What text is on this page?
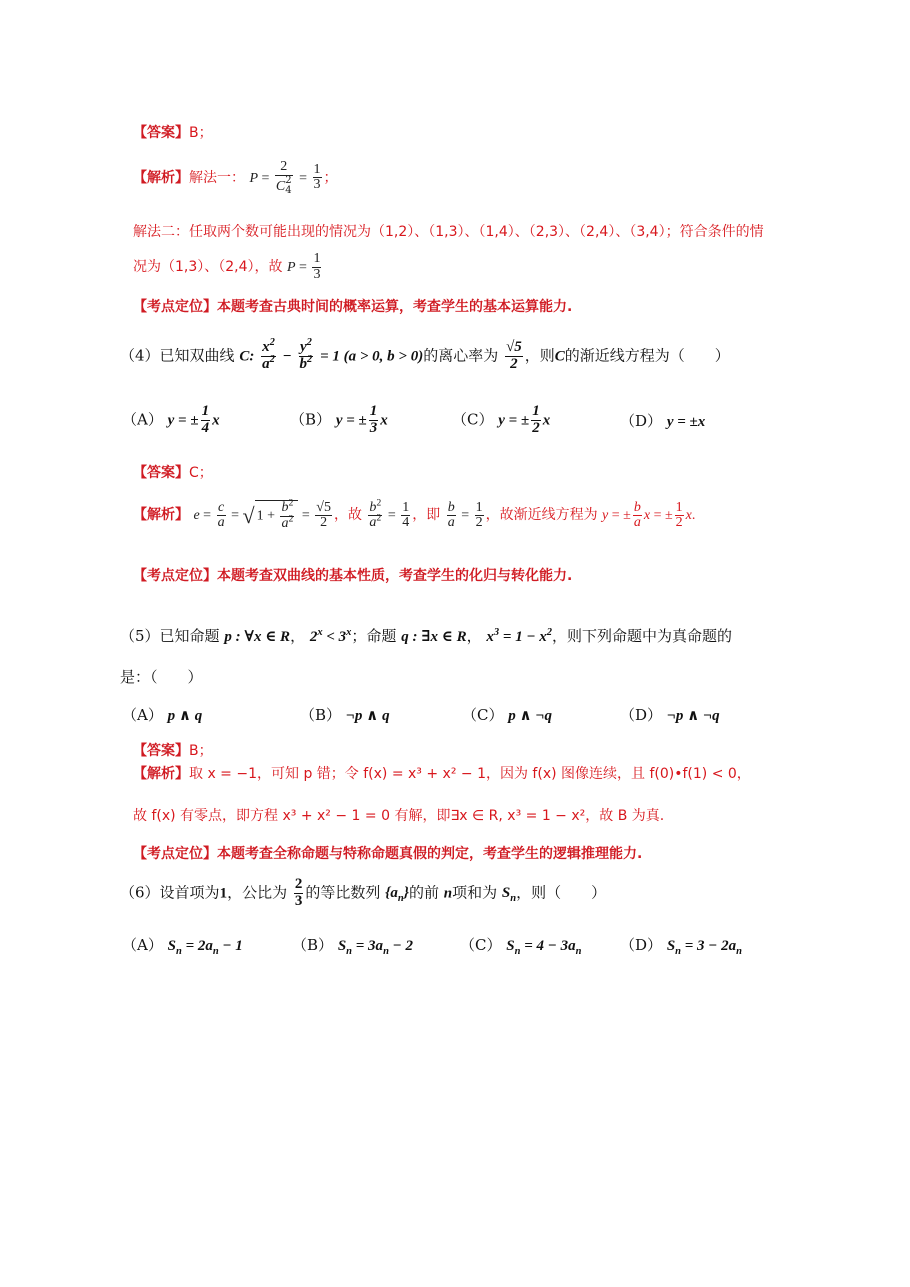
【答案】B；
【解析】解法一： P = 2
C 2
$4 = \frac{1}{3}$ ；
解法二：任取两个数可能出现的情况为（1,2）、（1,3）、（1,4）、（2,3）、（2,4）、（3,4）；符合条件的情
况为（1,3）、（2,4），故 $P = \frac{1}{3}$
【考点定位】本题考查古典时间的概率运算，考查学生的基本运算能力.
（4）已知双曲线 C: $\frac{x^2}{a^2} - \frac{y^2}{b^2} = 1$ (a > 0, b > 0)的离心率为 $\frac{√5}{2}$ ，则C的渐近线方程为（　　）
（A） y = ± $\frac{1}{4}$ x	（B） y = ± $\frac{1}{3}$ x	（C） y = ± $\frac{1}{2}$ x	（D） y = ±x
【答案】C；
【解析】 $e = \frac{c}{a}$ = √ $1 + \frac{b^2}{a^2} = \frac{√5}{2}$ ，故 $\frac{b^2}{a^2} = \frac{1}{4}$ ，即 $\frac{b}{a} = \frac{1}{2}$ ，故渐近线方程为 y = ± $\frac{b}{a}$ x = ± $\frac{1}{2} x$.
【考点定位】本题考查双曲线的基本性质，考查学生的化归与转化能力.
（5）已知命题 p : ∀x ∈ R， $2^x < 3^x$；命题 q : ∃x ∈ R， $x^3 = 1 - x^2$，则下列命题中为真命题的
是：（　　）
（A） p ∧ q	（B） ¬p ∧ q	（C） p ∧ ¬q	（D） ¬p ∧ ¬q
【答案】B；
【解析】取 x = −1，可知 p 错；令 f(x) = x³ + x² − 1，因为 f(x) 图像连续，且 f(0)•f(1) < 0，
故 f(x) 有零点，即方程 x³ + x² − 1 = 0 有解，即∃x ∈ R, x³ = 1 − x²，故 B 为真.
【考点定位】本题考查全称命题与特称命题真假的判定，考查学生的逻辑推理能力.
（6）设首项为1，公比为 $\frac{2}{3}$ 的等比数列 $\{a_n\}$的前 n项和为 $S_n$，则（　　）
（A） $S_n = 2a_n - 1$	（B） $S_n = 3a_n - 2$	（C） $S_n = 4 - 3a_n$	（D） $S_n = 3 - 2a_n$
